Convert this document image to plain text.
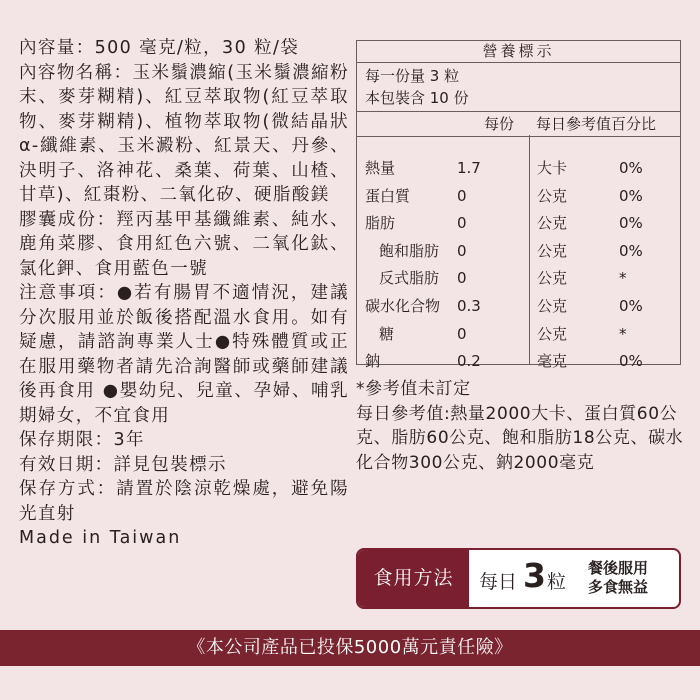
內容量：500 毫克/粒，30 粒/袋

內容物名稱：玉米鬚濃縮(玉米鬚濃縮粉末、麥芽糊精)、紅豆萃取物(紅豆萃取物、麥芽糊精)、植物萃取物(微結晶狀α-纖維素、玉米澱粉、紅景天、丹參、決明子、洛神花、桑葉、荷葉、山楂、甘草)、紅棗粉、二氧化矽、硬脂酸鎂

膠囊成份：羥丙基甲基纖維素、純水、鹿角菜膠、食用紅色六號、二氧化鈦、氯化鉀、食用藍色一號

注意事項：●若有腸胃不適情況，建議分次服用並於飯後搭配溫水食用。如有疑慮，請諮詢專業人士●特殊體質或正在服用藥物者請先洽詢醫師或藥師建議後再食用 ●嬰幼兒、兒童、孕婦、哺乳期婦女，不宜食用

保存期限：3年

有效日期：詳見包裝標示

保存方式：請置於陰涼乾燥處，避免陽光直射

Made in Taiwan

營養標示
每一份量 3 粒
本包裝含 10 份
每份 每日參考值百分比
熱量	1.7	大卡	0%
蛋白質	0	公克	0%
脂肪	0	公克	0%
飽和脂肪 0	公克	0%
反式脂肪 0	公克	*
碳水化合物 0.3	公克	0%
糖	0	公克	*
鈉	0.2	毫克	0%

*參考值未訂定

每日參考值:熱量2000大卡、蛋白質60公克、脂肪60公克、飽和脂肪18公克、碳水化合物300公克、鈉2000毫克

食用方法	每日 3 粒
餐後服用
多食無益
《本公司產品已投保5000萬元責任險》
